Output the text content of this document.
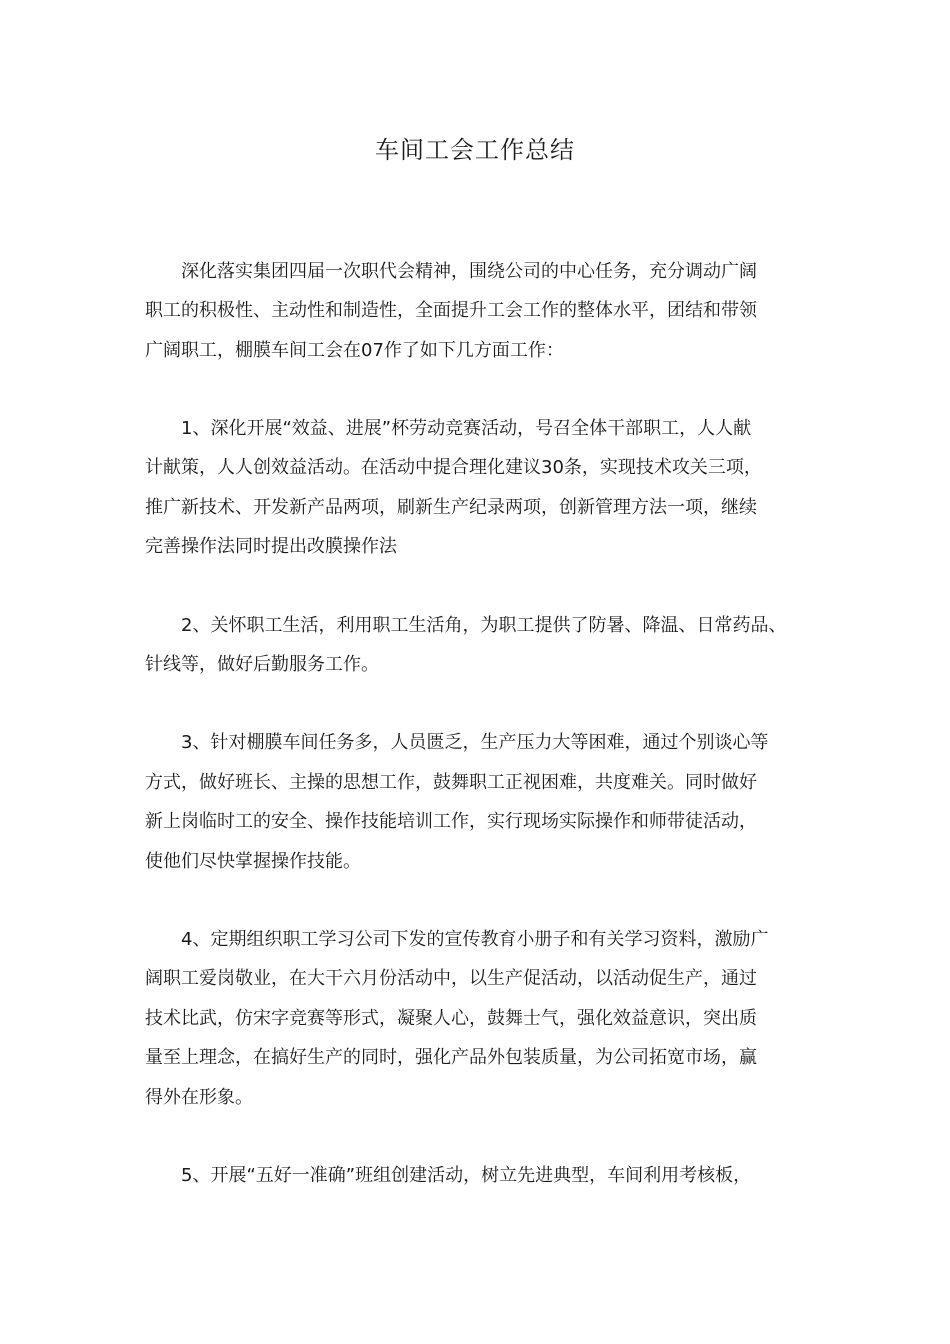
车间工会工作总结
深化落实集团四届一次职代会精神，围绕公司的中心任务，充分调动广阔
职工的积极性、主动性和制造性，全面提升工会工作的整体水平，团结和带领
广阔职工，棚膜车间工会在07作了如下几方面工作：
1、深化开展“效益、进展”杯劳动竞赛活动，号召全体干部职工，人人献
计献策，人人创效益活动。在活动中提合理化建议30条，实现技术攻关三项，
推广新技术、开发新产品两项，刷新生产纪录两项，创新管理方法一项，继续
完善操作法同时提出改膜操作法
2、关怀职工生活，利用职工生活角，为职工提供了防暑、降温、日常药品、
针线等，做好后勤服务工作。
3、针对棚膜车间任务多，人员匮乏，生产压力大等困难，通过个别谈心等
方式，做好班长、主操的思想工作，鼓舞职工正视困难，共度难关。同时做好
新上岗临时工的安全、操作技能培训工作，实行现场实际操作和师带徒活动，
使他们尽快掌握操作技能。
4、定期组织职工学习公司下发的宣传教育小册子和有关学习资料，激励广
阔职工爱岗敬业，在大干六月份活动中，以生产促活动，以活动促生产，通过
技术比武，仿宋字竞赛等形式，凝聚人心，鼓舞士气，强化效益意识，突出质
量至上理念，在搞好生产的同时，强化产品外包装质量，为公司拓宽市场，赢
得外在形象。
5、开展“五好一准确”班组创建活动，树立先进典型，车间利用考核板，
